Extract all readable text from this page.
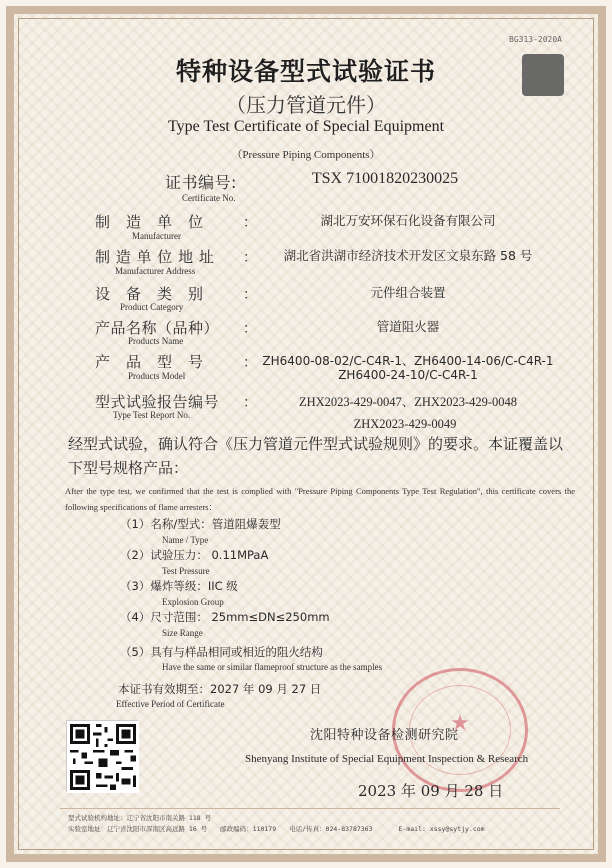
BG313-2020A
特种设备型式试验证书
（压力管道元件）
Type Test Certificate of Special Equipment
（Pressure Piping Components）
证书编号:
Certificate No.
TSX 71001820230025
制　造　单　位
Manufacturer
：	湖北万安环保石化设备有限公司
制 造 单 位 地 址
Manufacturer Address
：	湖北省洪湖市经济技术开发区文泉东路 58 号
设　备　类　别
Product Category
：	元件组合装置
产品名称（品种）
Products Name
：	管道阻火器
产　品　型　号
Products Model
： ZH6400-08-02/C-C4R-1、ZH6400-14-06/C-C4R-1
ZH6400-24-10/C-C4R-1
型式试验报告编号
Type Test Report No.
：	ZHX2023-429-0047、ZHX2023-429-0048
ZHX2023-429-0049
经型式试验，确认符合《压力管道元件型式试验规则》的要求。本证覆盖以下型号规格产品：
After the type test, we confirmed that the test is complied with "Pressure Piping Components Type Test Regulation", this certificate covers the following specifications of flame arresters：
（1）名称/型式：管道阻爆轰型
Name / Type
（2）试验压力： 0.11MPaA
Test Pressure
（3）爆炸等级：IIC 级
Explosion Group
（4）尺寸范围： 25mm≤DN≤250mm
Size Range
（5）具有与样品相同或相近的阻火结构
Have the same or similar flameproof structure as the samples
本证书有效期至：2027 年 09 月 27 日
Effective Period of Certificate
★
沈阳特种设备检测研究院
Shenyang Institute of Special Equipment Inspection & Research
2023 年 09 月 28 日
型式试验机构地址：辽宁省沈阳市南关路 118 号
实验室地址：辽宁省沈阳市浑南区高远路 16 号　　邮政编码：110179　　电话/传真：024-83787363　　　　E-mail: xssy@sytjy.com
